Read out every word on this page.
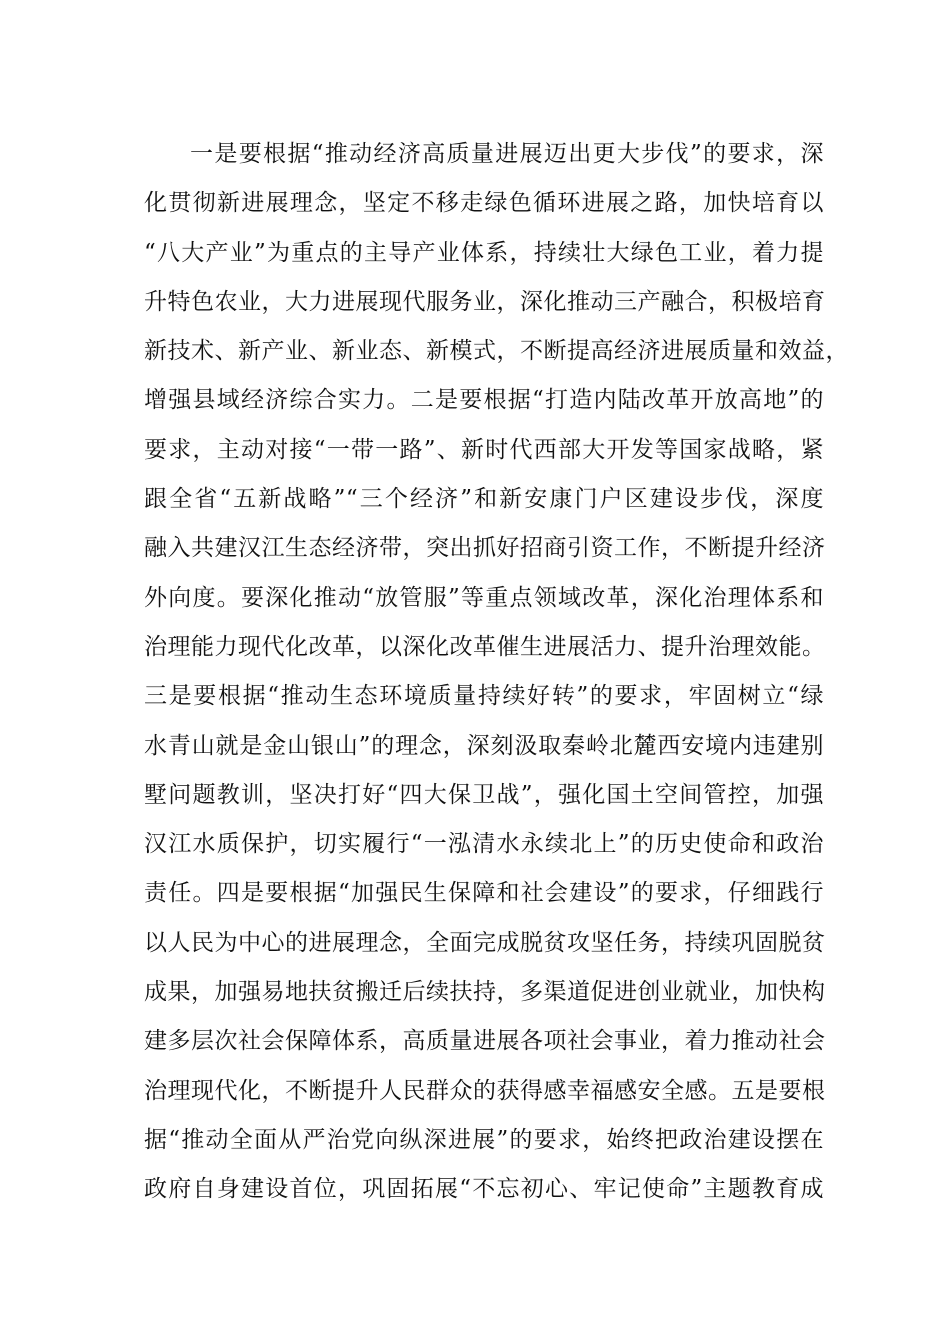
一是要根据“推动经济高质量进展迈出更大步伐”的要求，深
化贯彻新进展理念，坚定不移走绿色循环进展之路，加快培育以
“八大产业”为重点的主导产业体系，持续壮大绿色工业，着力提
升特色农业，大力进展现代服务业，深化推动三产融合，积极培育
新技术、新产业、新业态、新模式，不断提高经济进展质量和效益，
增强县域经济综合实力。二是要根据“打造内陆改革开放高地”的
要求，主动对接“一带一路”、新时代西部大开发等国家战略，紧
跟全省“五新战略”“三个经济”和新安康门户区建设步伐，深度
融入共建汉江生态经济带，突出抓好招商引资工作，不断提升经济
外向度。要深化推动“放管服”等重点领域改革，深化治理体系和
治理能力现代化改革，以深化改革催生进展活力、提升治理效能。
三是要根据“推动生态环境质量持续好转”的要求，牢固树立“绿
水青山就是金山银山”的理念，深刻汲取秦岭北麓西安境内违建别
墅问题教训，坚决打好“四大保卫战”，强化国土空间管控，加强
汉江水质保护，切实履行“一泓清水永续北上”的历史使命和政治
责任。四是要根据“加强民生保障和社会建设”的要求，仔细践行
以人民为中心的进展理念，全面完成脱贫攻坚任务，持续巩固脱贫
成果，加强易地扶贫搬迁后续扶持，多渠道促进创业就业，加快构
建多层次社会保障体系，高质量进展各项社会事业，着力推动社会
治理现代化，不断提升人民群众的获得感幸福感安全感。五是要根
据“推动全面从严治党向纵深进展”的要求，始终把政治建设摆在
政府自身建设首位，巩固拓展“不忘初心、牢记使命”主题教育成
